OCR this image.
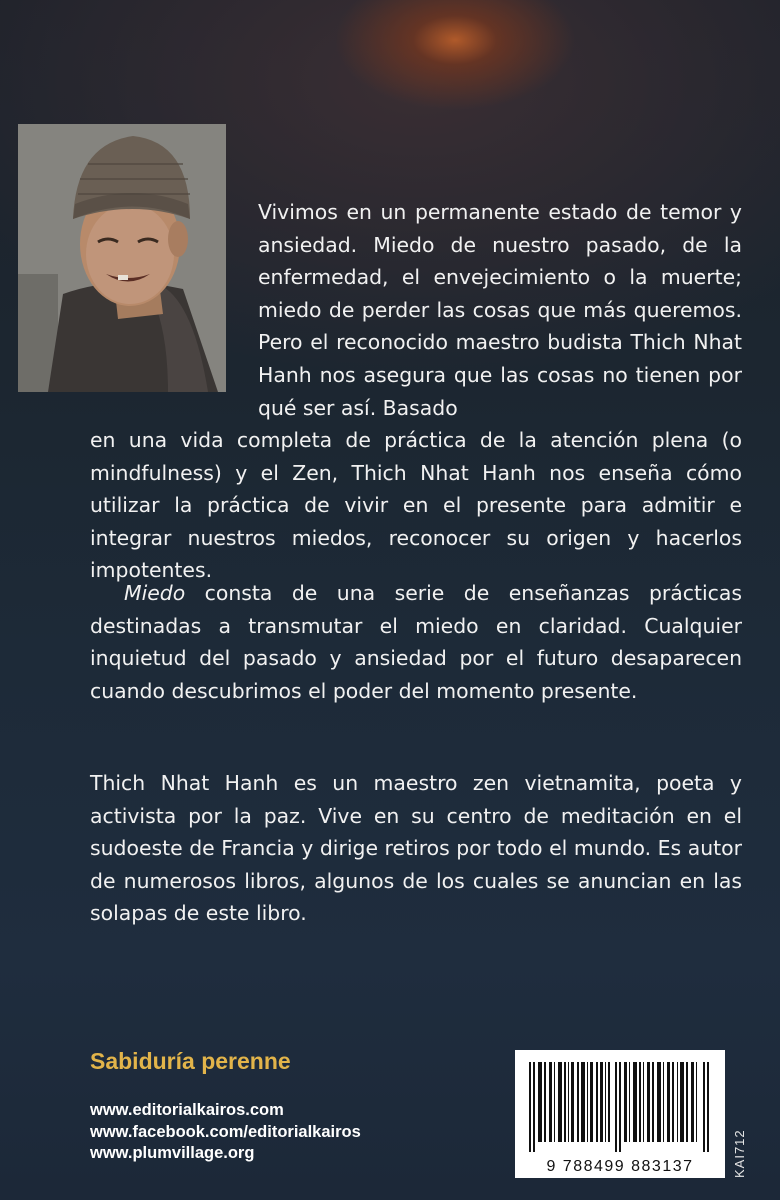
Vivimos en un permanente estado de temor y ansiedad. Miedo de nuestro pasado, de la enfermedad, el envejecimiento o la muerte; miedo de perder las cosas que más queremos. Pero el reconocido maestro budista Thich Nhat Hanh nos asegura que las cosas no tienen por qué ser así. Basado

en una vida completa de práctica de la atención plena (o mindfulness) y el Zen, Thich Nhat Hanh nos enseña cómo utilizar la práctica de vivir en el presente para admitir e integrar nuestros miedos, reconocer su origen y hacerlos impotentes.

Miedo consta de una serie de enseñanzas prácticas destinadas a transmutar el miedo en claridad. Cualquier inquietud del pasado y ansiedad por el futuro desaparecen cuando descubrimos el poder del momento presente.
Thich Nhat Hanh es un maestro zen vietnamita, poeta y activista por la paz. Vive en su centro de meditación en el sudoeste de Francia y dirige retiros por todo el mundo. Es autor de numerosos libros, algunos de los cuales se anuncian en las solapas de este libro.
Sabiduría perenne
www.editorialkairos.com
www.facebook.com/editorialkairos
www.plumvillage.org
9 788499 883137	KAI712
